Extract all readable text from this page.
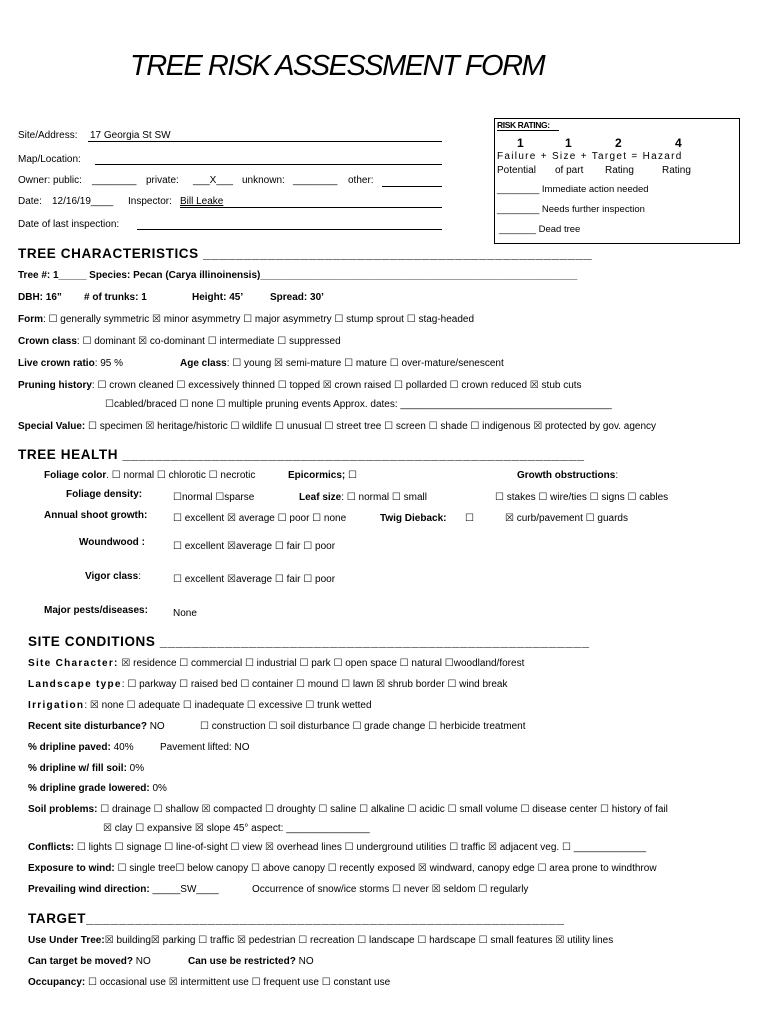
TREE RISK ASSESSMENT FORM
Site/Address: 17 Georgia St SW
Map/Location:
Owner: public: ________ private: ___X___ unknown: ________ other:
Date: 12/16/19____ Inspector: Bill Leake
Date of last inspection:
RISK RATING:
1	1	2	4
Failure + Size + Target = Hazard
Potential of part Rating	Rating
________ Immediate action needed
________ Needs further inspection
_______ Dead tree
TREE CHARACTERISTICS ________________________________________________
Tree #: 1_____ Species: Pecan (Carya illinoinensis)_________________________________________________________
DBH: 16” # of trunks: 1	Height: 45’	Spread: 30’
Form: ☐ generally symmetric ☒ minor asymmetry ☐ major asymmetry ☐ stump sprout ☐ stag-headed
Crown class: ☐ dominant ☒ co-dominant ☐ intermediate ☐ suppressed
Live crown ratio: 95 %	Age class: ☐ young ☒ semi-mature ☐ mature ☐ over-mature/senescent
Pruning history: ☐ crown cleaned ☐ excessively thinned ☐ topped ☒ crown raised ☐ pollarded ☐ crown reduced ☒ stub cuts
☐cabled/braced ☐ none ☐ multiple pruning events Approx. dates: ______________________________________
Special Value: ☐ specimen ☒ heritage/historic ☐ wildlife ☐ unusual ☐ street tree ☐ screen ☐ shade ☐ indigenous ☒ protected by gov. agency
TREE HEALTH _________________________________________________________
Foliage color. ☐ normal ☐ chlorotic ☐ necrotic	Epicormics; ☐	Growth obstructions:
Foliage density:	☐normal ☐sparse	Leaf size: ☐ normal ☐ small	☐ stakes ☐ wire/ties ☐ signs ☐ cables
Annual shoot growth:	☐ excellent ☒ average ☐ poor ☐ none	Twig Dieback: ☐	☒ curb/pavement ☐ guards
Woundwood :	☐ excellent ☒average ☐ fair ☐ poor
Vigor class:	☐ excellent ☒average ☐ fair ☐ poor
Major pests/diseases:	None
SITE CONDITIONS _____________________________________________________
Site Character: ☒ residence ☐ commercial ☐ industrial ☐ park ☐ open space ☐ natural ☐woodland/forest
Landscape type: ☐ parkway ☐ raised bed ☐ container ☐ mound ☐ lawn ☒ shrub border ☐ wind break
Irrigation: ☒ none ☐ adequate ☐ inadequate ☐ excessive ☐ trunk wetted
Recent site disturbance? NO	☐ construction ☐ soil disturbance ☐ grade change ☐ herbicide treatment
% dripline paved: 40%	Pavement lifted: NO
% dripline w/ fill soil: 0%
% dripline grade lowered: 0%
Soil problems: ☐ drainage ☐ shallow ☒ compacted ☐ droughty ☐ saline ☐ alkaline ☐ acidic ☐ small volume ☐ disease center ☐ history of fail
☒ clay ☐ expansive ☒ slope 45° aspect: _______________
Conflicts: ☐ lights ☐ signage ☐ line-of-sight ☐ view ☒ overhead lines ☐ underground utilities ☐ traffic ☒ adjacent veg. ☐ _____________
Exposure to wind: ☐ single tree☐ below canopy ☐ above canopy ☐ recently exposed ☒ windward, canopy edge ☐ area prone to windthrow
Prevailing wind direction: _____SW____	Occurrence of snow/ice storms ☐ never ☒ seldom ☐ regularly
TARGET___________________________________________________________
Use Under Tree:☒ building☒ parking ☐ traffic ☒ pedestrian ☐ recreation ☐ landscape ☐ hardscape ☐ small features ☒ utility lines
Can target be moved? NO	Can use be restricted? NO
Occupancy: ☐ occasional use ☒ intermittent use ☐ frequent use ☐ constant use
